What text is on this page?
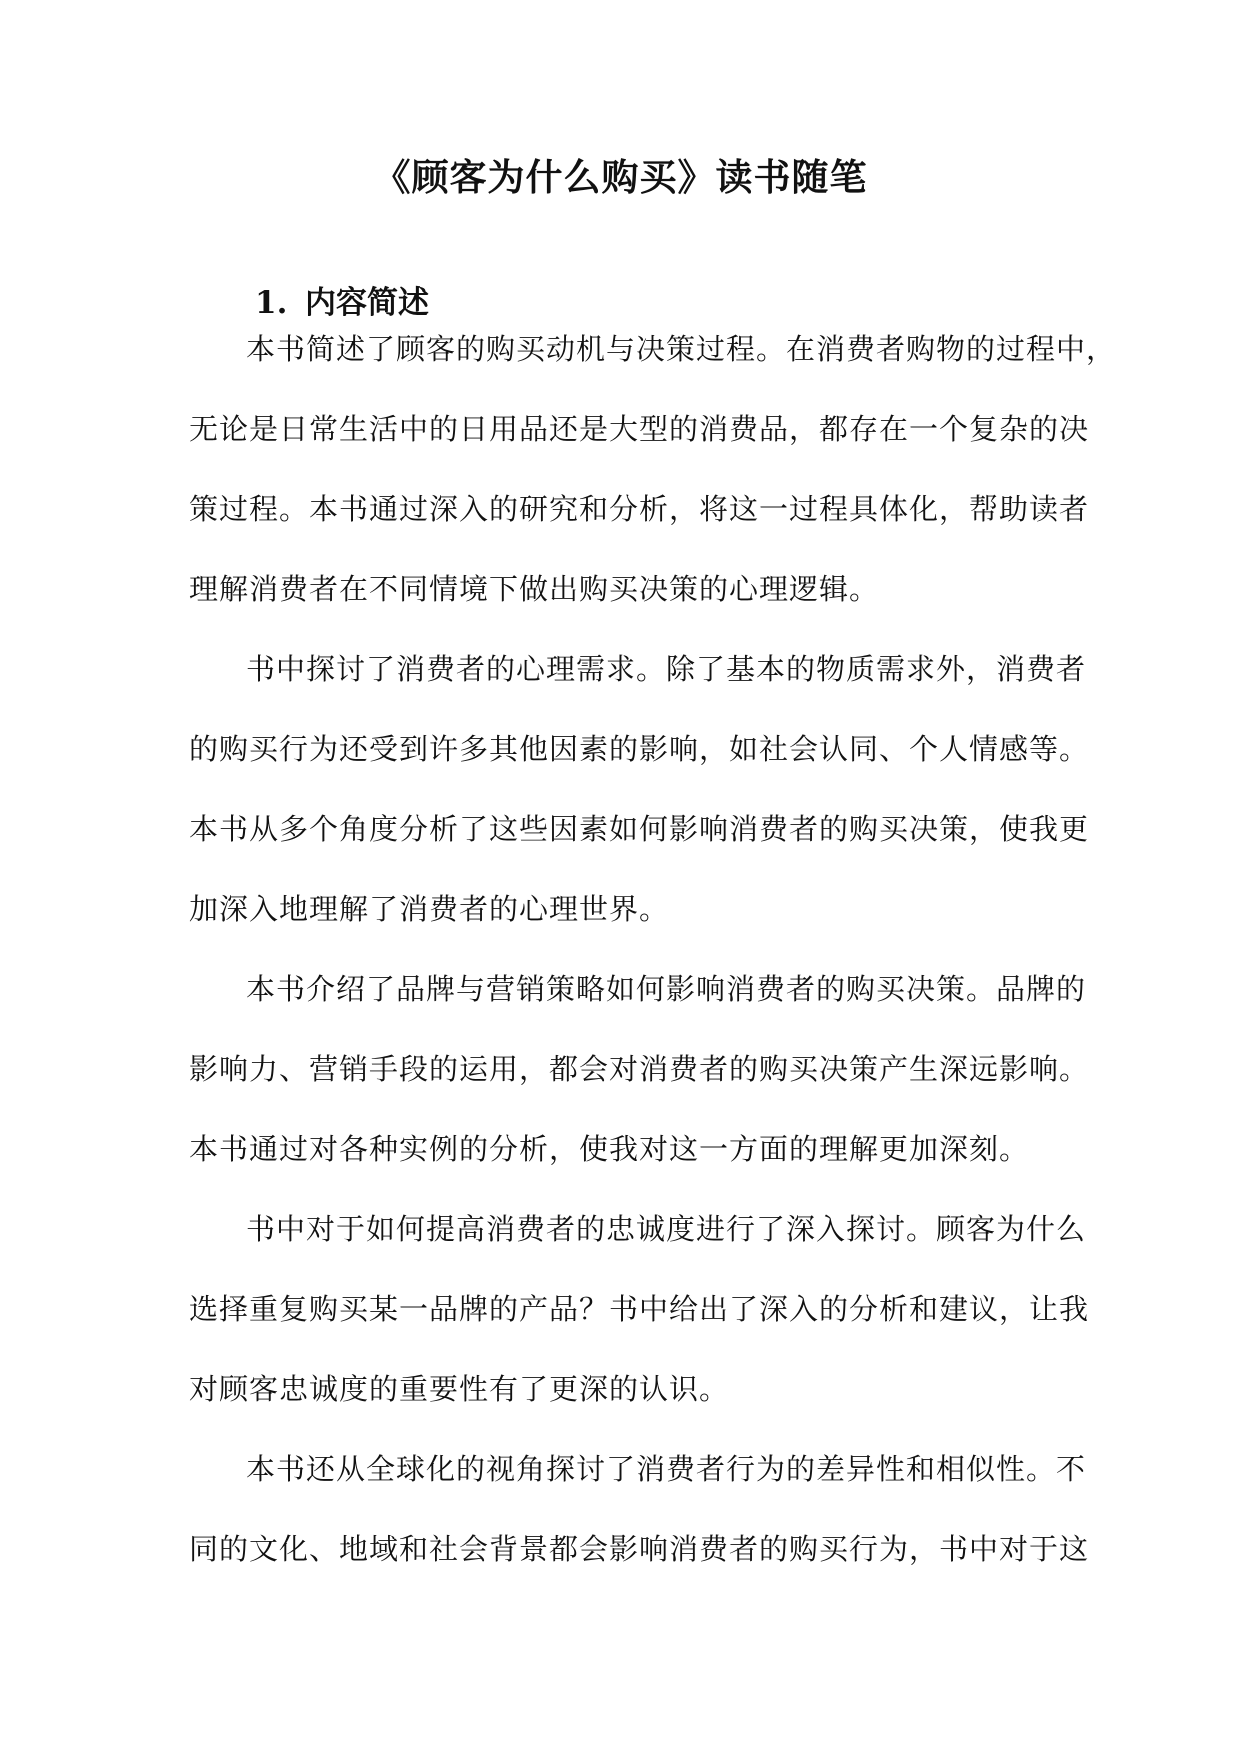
《顾客为什么购买》读书随笔
1. 内容简述
本书简述了顾客的购买动机与决策过程。在消费者购物的过程中，
无论是日常生活中的日用品还是大型的消费品，都存在一个复杂的决
策过程。本书通过深入的研究和分析，将这一过程具体化，帮助读者
理解消费者在不同情境下做出购买决策的心理逻辑。
书中探讨了消费者的心理需求。除了基本的物质需求外，消费者
的购买行为还受到许多其他因素的影响，如社会认同、个人情感等。
本书从多个角度分析了这些因素如何影响消费者的购买决策，使我更
加深入地理解了消费者的心理世界。
本书介绍了品牌与营销策略如何影响消费者的购买决策。品牌的
影响力、营销手段的运用，都会对消费者的购买决策产生深远影响。
本书通过对各种实例的分析，使我对这一方面的理解更加深刻。
书中对于如何提高消费者的忠诚度进行了深入探讨。顾客为什么
选择重复购买某一品牌的产品？书中给出了深入的分析和建议，让我
对顾客忠诚度的重要性有了更深的认识。
本书还从全球化的视角探讨了消费者行为的差异性和相似性。不
同的文化、地域和社会背景都会影响消费者的购买行为，书中对于这
